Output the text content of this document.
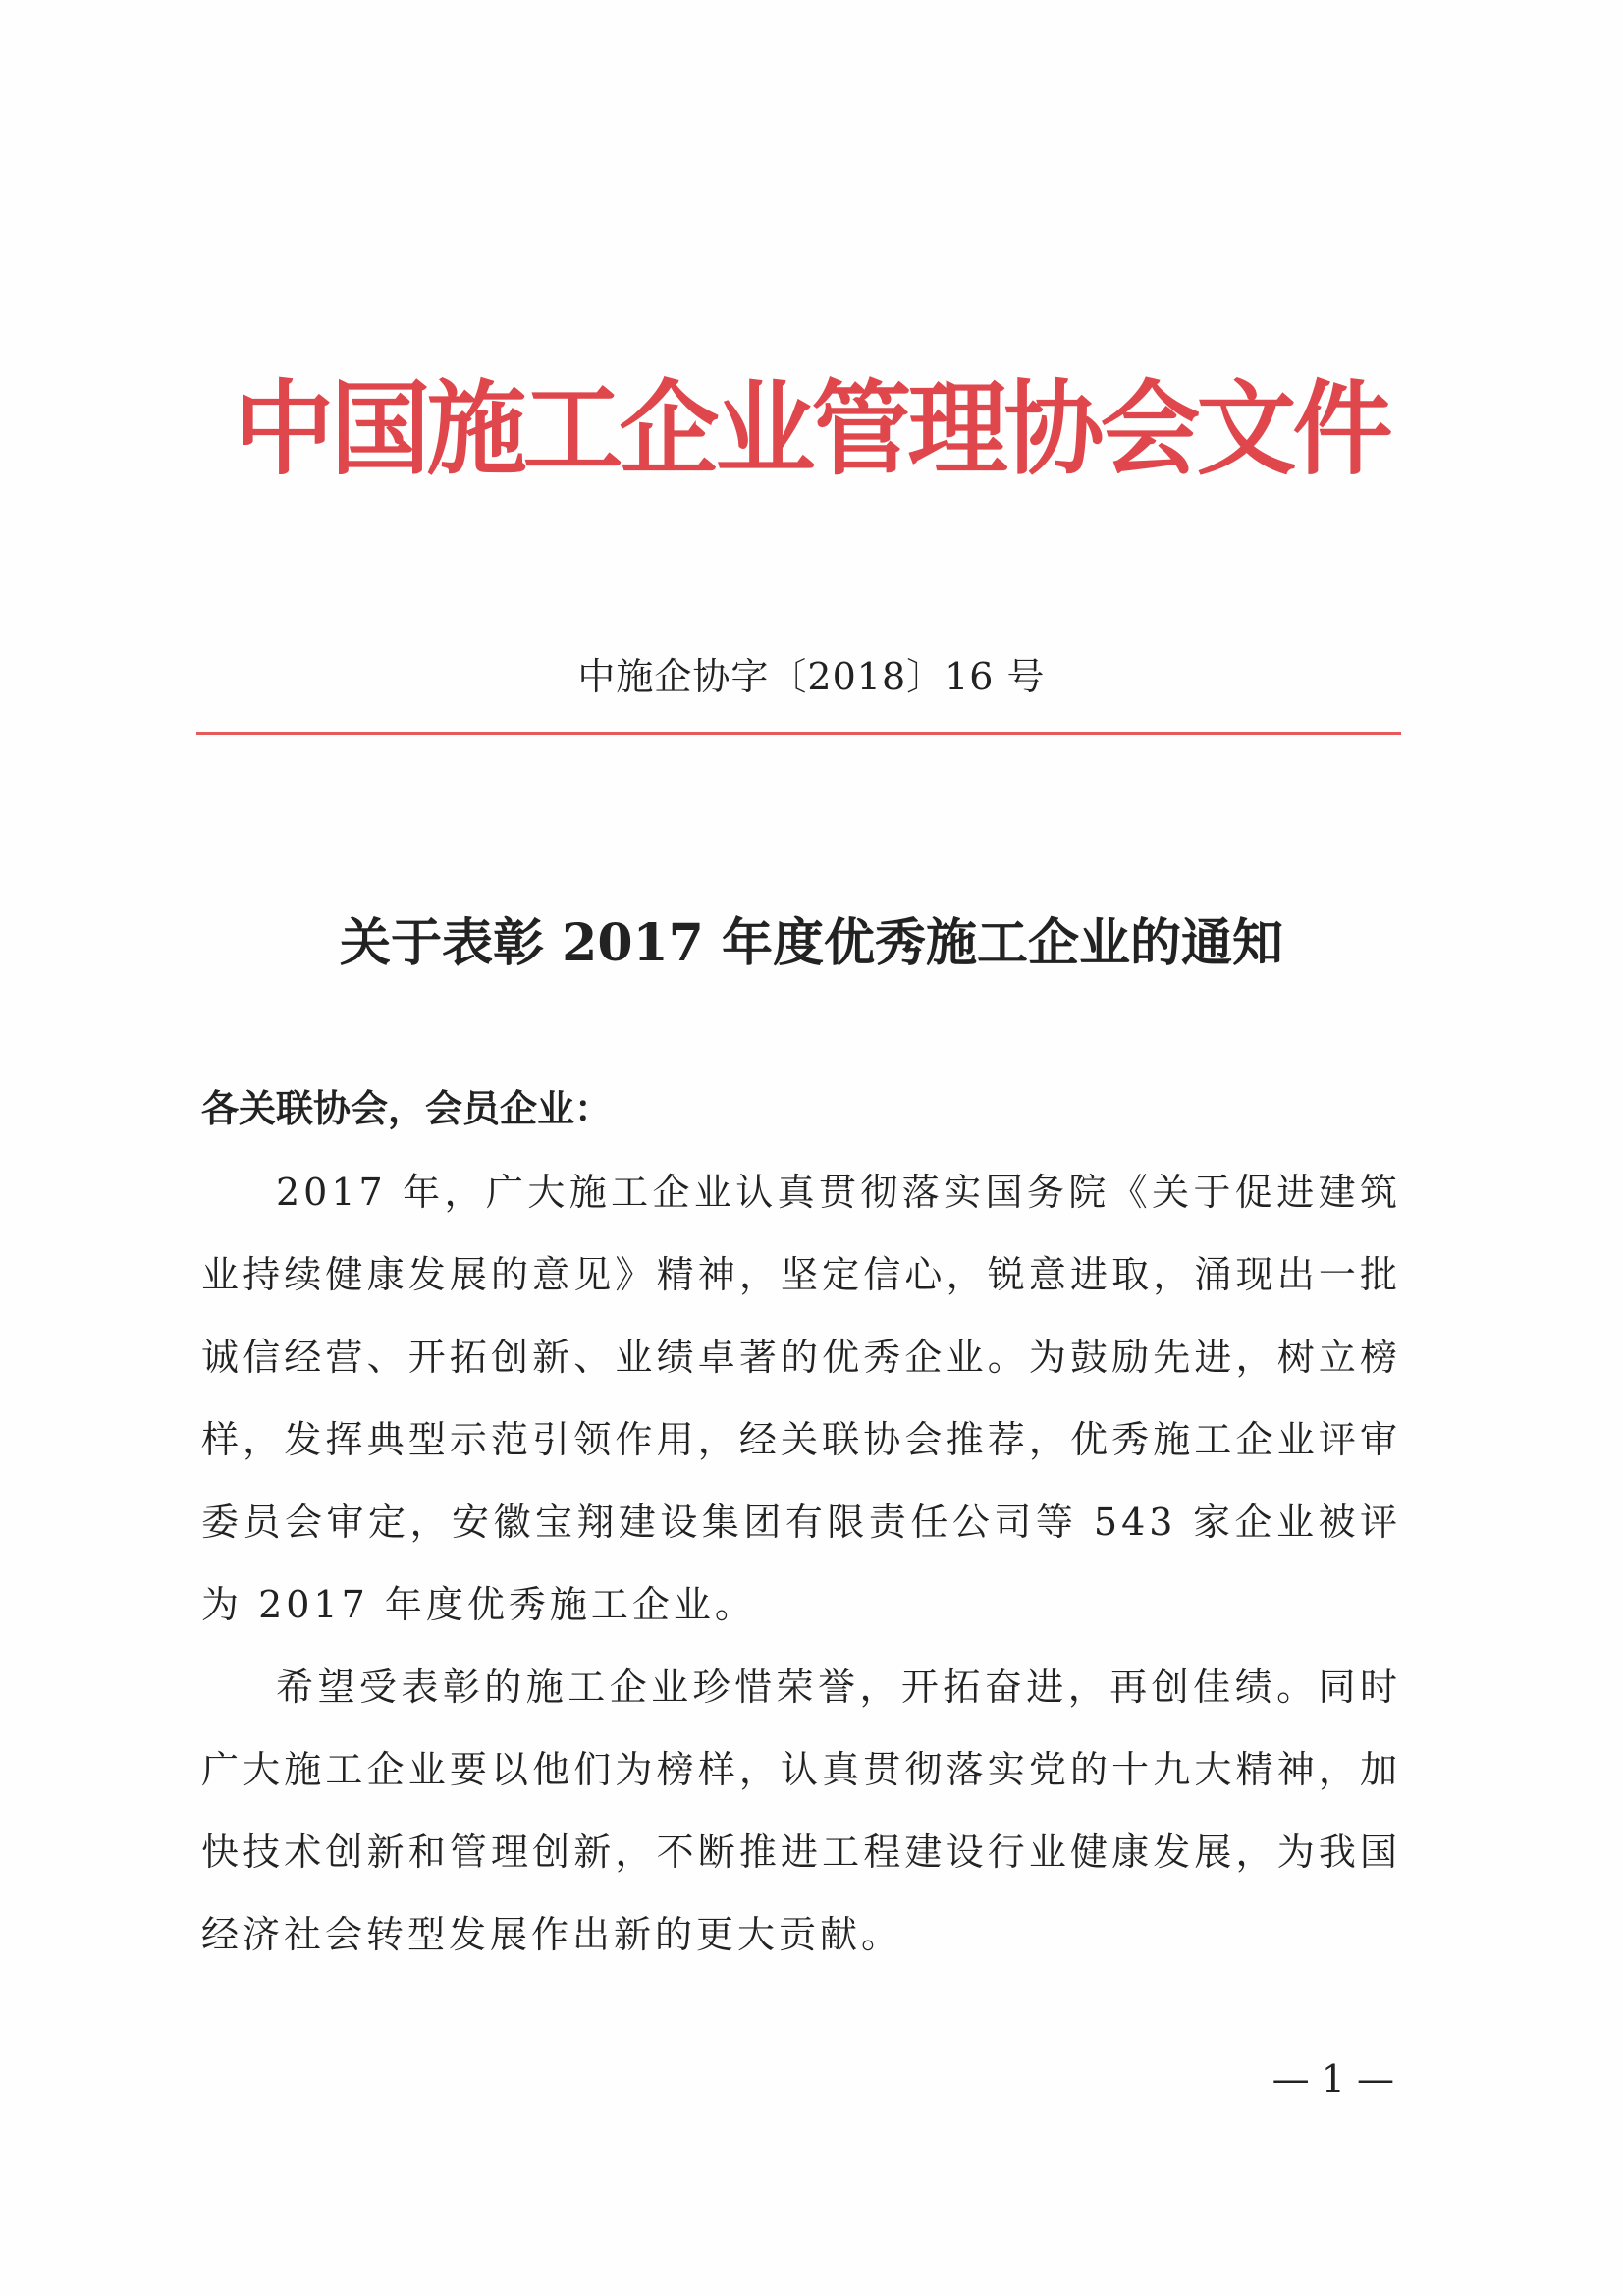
中国施工企业管理协会文件
中施企协字〔2018〕16 号
关于表彰 2017 年度优秀施工企业的通知
各关联协会，会员企业：

2017 年，广大施工企业认真贯彻落实国务院《关于促进建筑业持续健康发展的意见》精神，坚定信心，锐意进取，涌现出一批诚信经营、开拓创新、业绩卓著的优秀企业。为鼓励先进，树立榜样，发挥典型示范引领作用，经关联协会推荐，优秀施工企业评审委员会审定，安徽宝翔建设集团有限责任公司等 543 家企业被评为 2017 年度优秀施工企业。

希望受表彰的施工企业珍惜荣誉，开拓奋进，再创佳绩。同时广大施工企业要以他们为榜样，认真贯彻落实党的十九大精神，加快技术创新和管理创新，不断推进工程建设行业健康发展，为我国经济社会转型发展作出新的更大贡献。

— 1 —
